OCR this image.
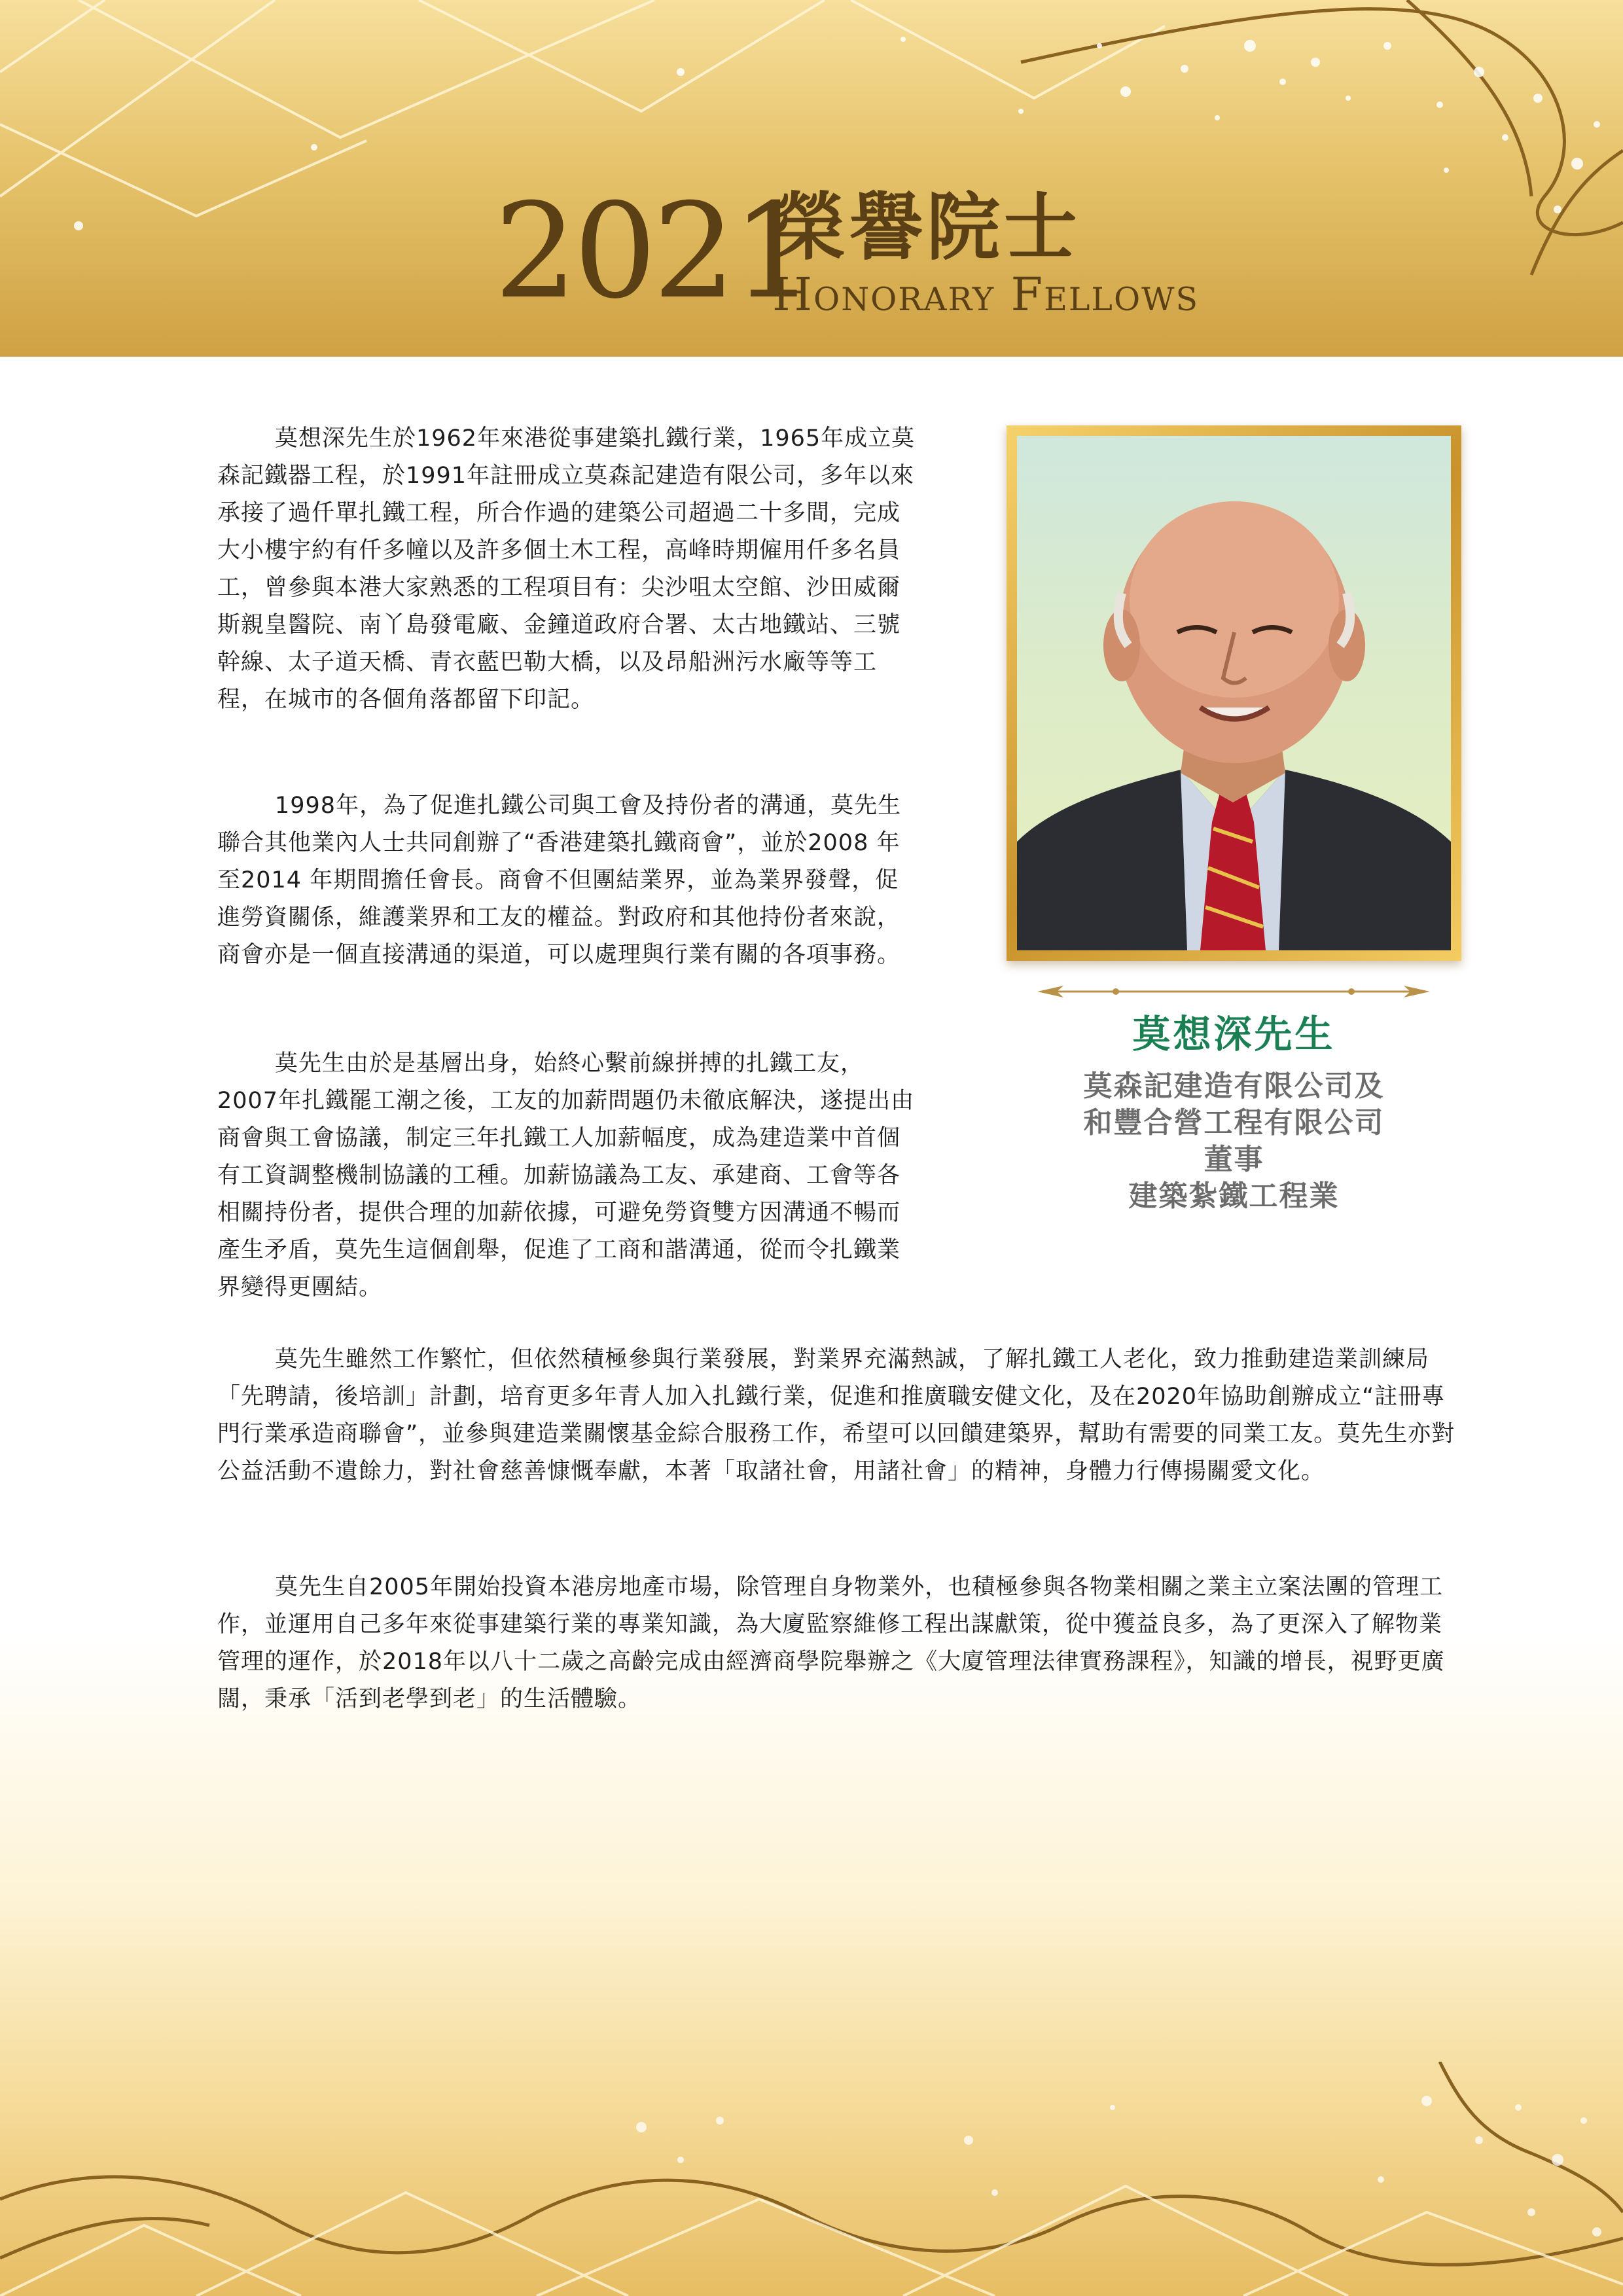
2021
榮譽院士
Honorary Fellows

莫想深先生於1962年來港從事建築扎鐵行業，1965年成立莫森記鐵器工程，於1991年註冊成立莫森記建造有限公司，多年以來承接了過仟單扎鐵工程，所合作過的建築公司超過二十多間，完成大小樓宇約有仟多幢以及許多個土木工程，高峰時期僱用仟多名員工，曾參與本港大家熟悉的工程項目有：尖沙咀太空館、沙田威爾斯親皇醫院、南丫島發電廠、金鐘道政府合署、太古地鐵站、三號幹線、太子道天橋、青衣藍巴勒大橋，以及昂船洲污水廠等等工程，在城市的各個角落都留下印記。

1998年，為了促進扎鐵公司與工會及持份者的溝通，莫先生聯合其他業內人士共同創辦了“香港建築扎鐵商會”，並於2008 年至2014 年期間擔任會長。商會不但團結業界，並為業界發聲，促進勞資關係，維護業界和工友的權益。對政府和其他持份者來說，商會亦是一個直接溝通的渠道，可以處理與行業有關的各項事務。

莫先生由於是基層出身，始終心繫前線拼搏的扎鐵工友，2007年扎鐵罷工潮之後，工友的加薪問題仍未徹底解決，遂提出由商會與工會協議，制定三年扎鐵工人加薪幅度，成為建造業中首個有工資調整機制協議的工種。加薪協議為工友、承建商、工會等各相關持份者，提供合理的加薪依據，可避免勞資雙方因溝通不暢而產生矛盾，莫先生這個創舉，促進了工商和諧溝通，從而令扎鐵業界變得更團結。

莫先生雖然工作繁忙，但依然積極參與行業發展，對業界充滿熱誠，了解扎鐵工人老化，致力推動建造業訓練局「先聘請，後培訓」計劃，培育更多年青人加入扎鐵行業，促進和推廣職安健文化，及在2020年協助創辦成立“註冊專門行業承造商聯會”，並參與建造業關懷基金綜合服務工作，希望可以回饋建築界，幫助有需要的同業工友。莫先生亦對公益活動不遺餘力，對社會慈善慷慨奉獻，本著「取諸社會，用諸社會」的精神，身體力行傳揚關愛文化。

莫先生自2005年開始投資本港房地產市場，除管理自身物業外，也積極參與各物業相關之業主立案法團的管理工作，並運用自己多年來從事建築行業的專業知識，為大廈監察維修工程出謀獻策，從中獲益良多，為了更深入了解物業管理的運作，於2018年以八十二歲之高齡完成由經濟商學院舉辦之《大廈管理法律實務課程》，知識的增長，視野更廣闊，秉承「活到老學到老」的生活體驗。

莫想深先生
莫森記建造有限公司及
和豐合營工程有限公司
董事
建築紮鐵工程業
